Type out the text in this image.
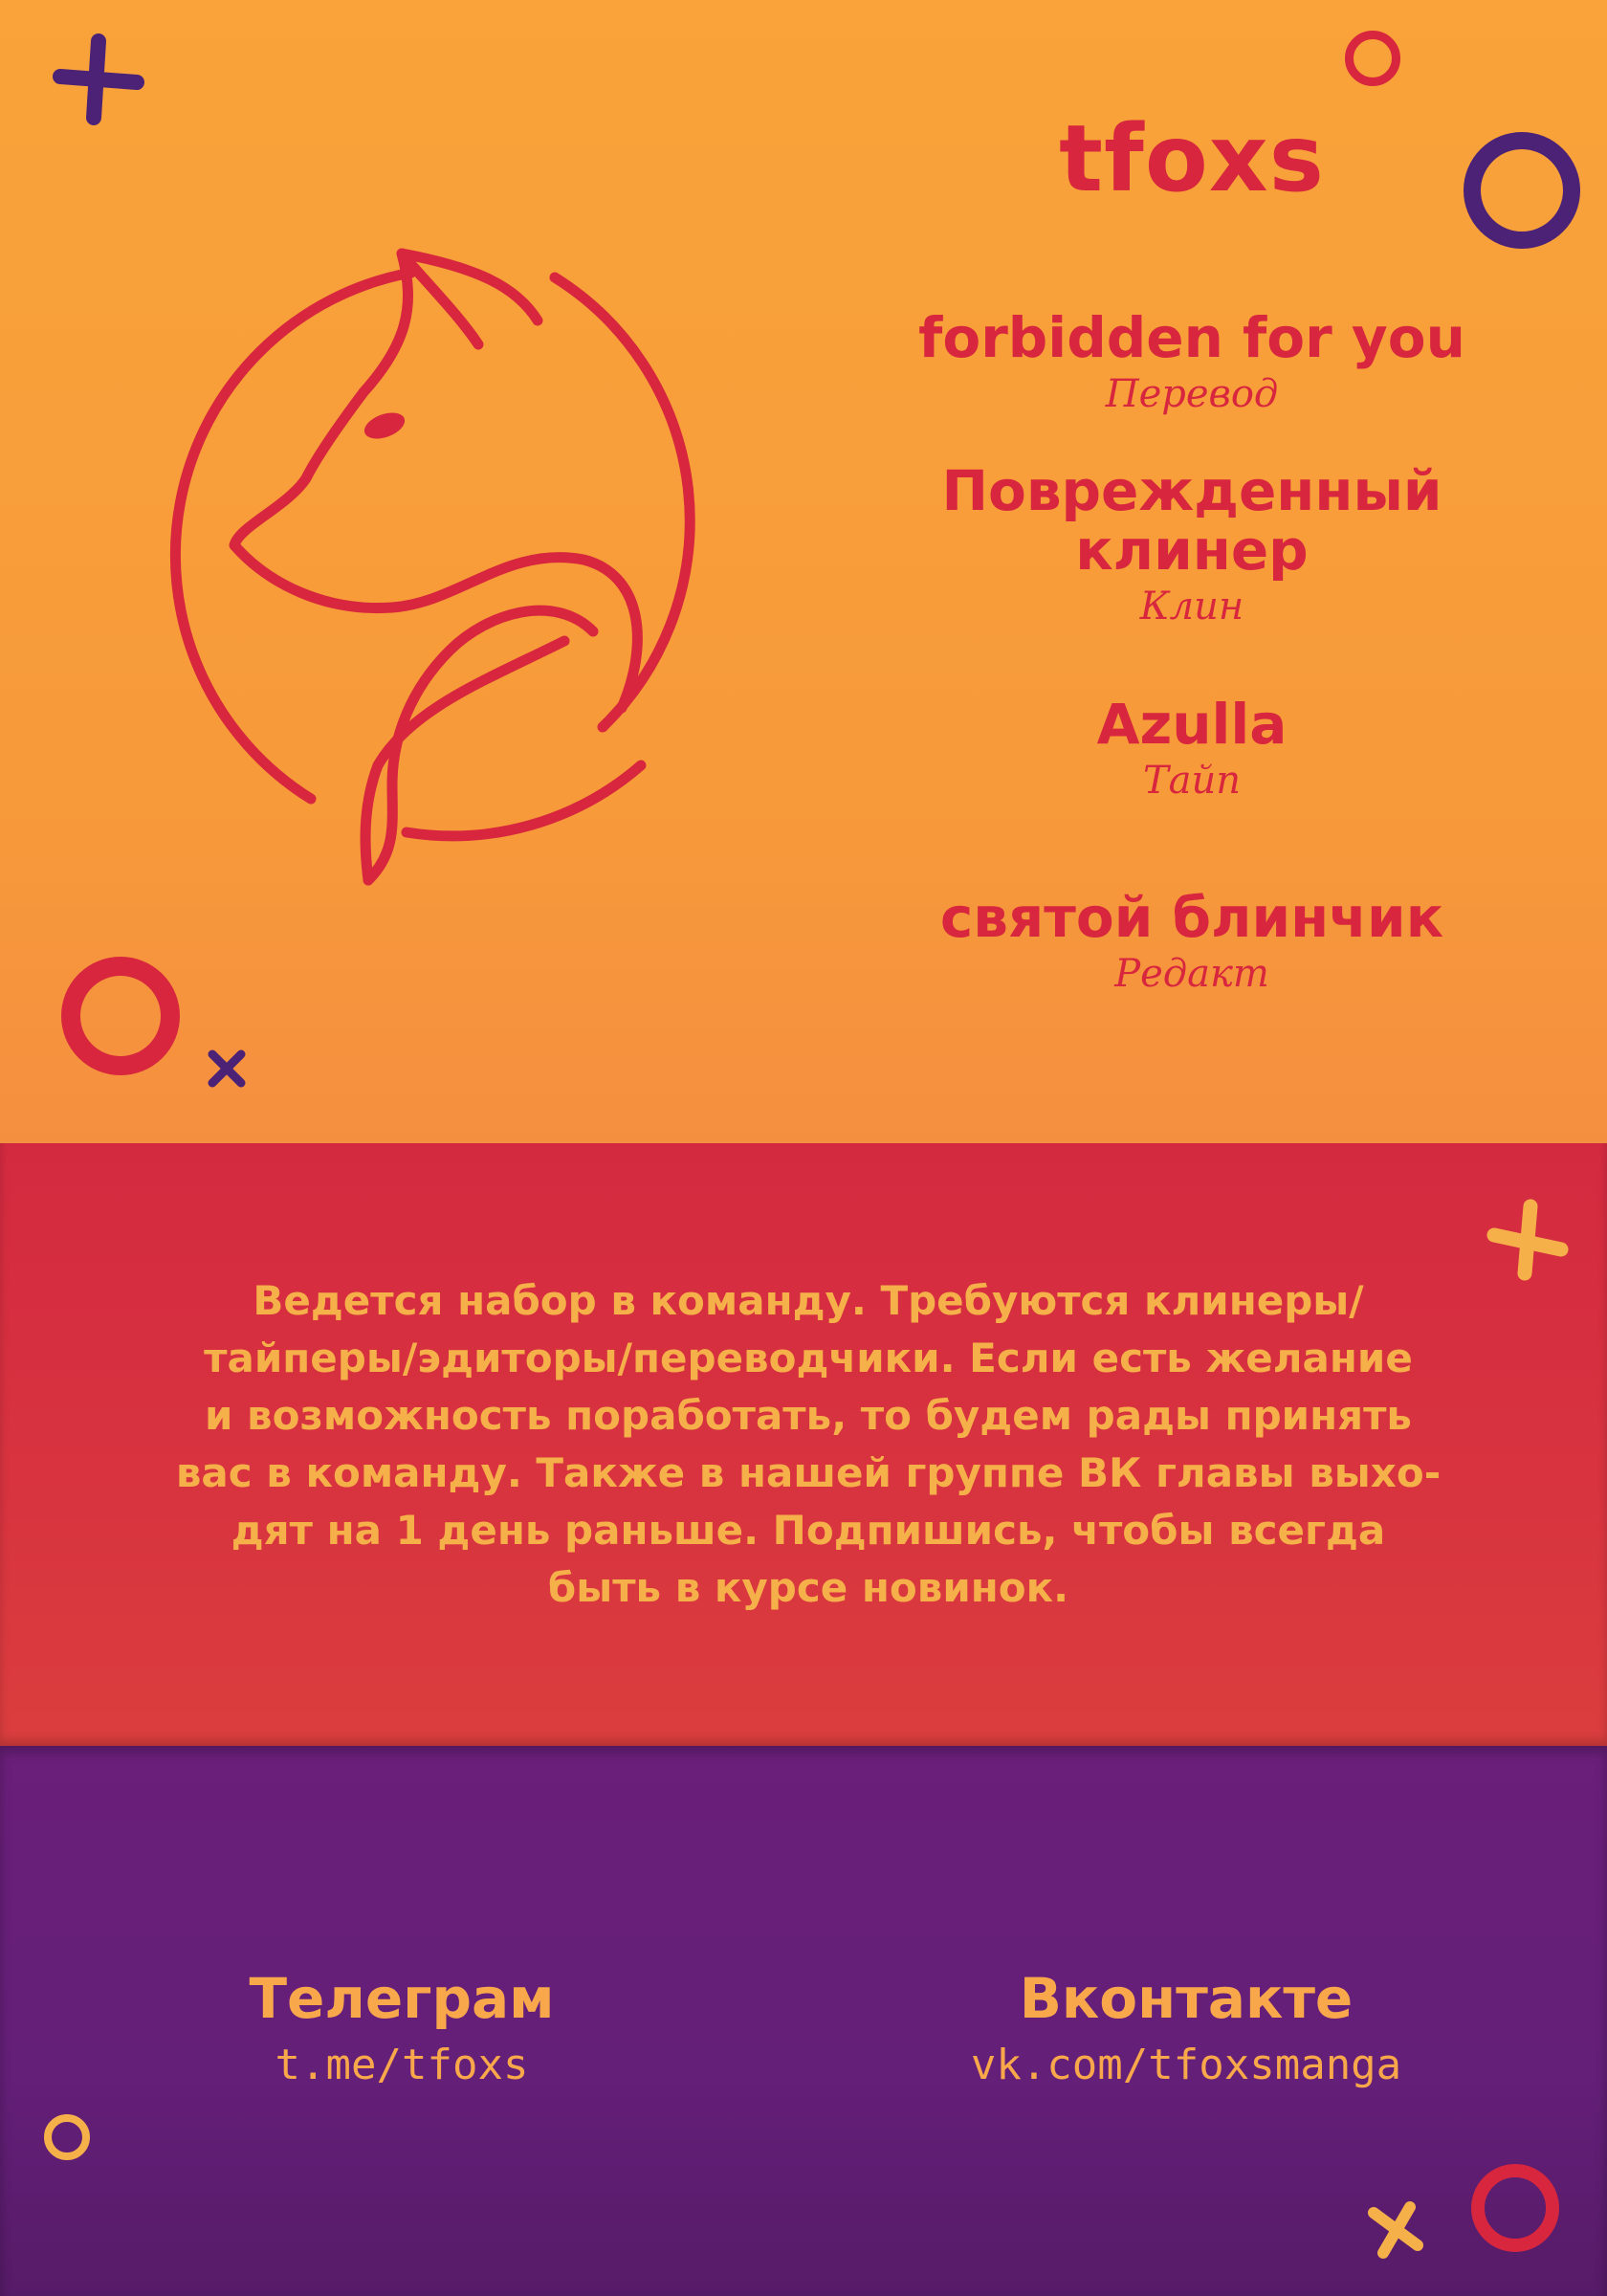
tfoxs
forbidden for you
Перевод
Поврежденный клинер
Клин
Azulla
Тайп
святой блинчик
Редакт
Ведется набор в команду. Требуются клинеры/
тайперы/эдиторы/переводчики. Если есть желание
и возможность поработать, то будем рады принять
вас в команду. Также в нашей группе ВК главы выхо-
дят на 1 день раньше. Подпишись, чтобы всегда
быть в курсе новинок.
Телеграм
t.me/tfoxs
Вконтакте
vk.com/tfoxsmanga
